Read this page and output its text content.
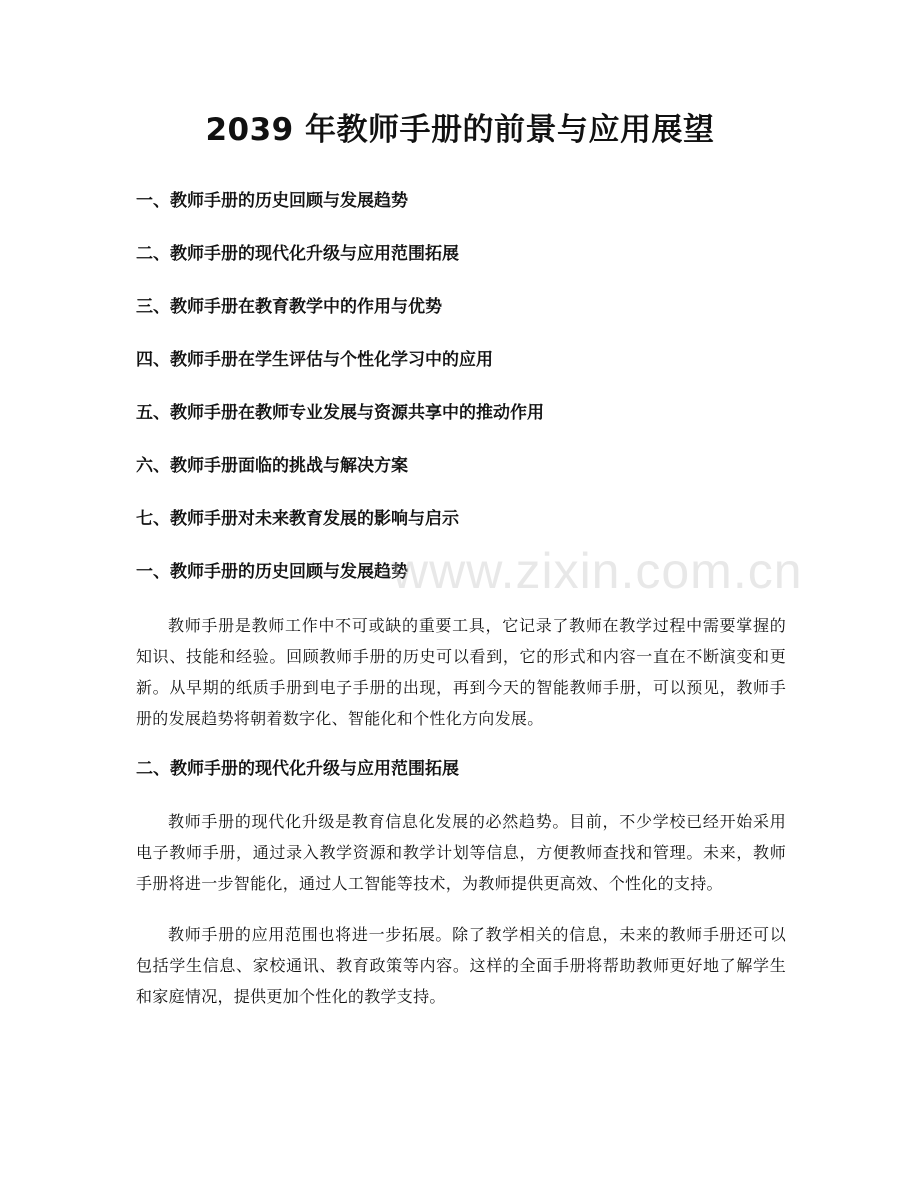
2039 年教师手册的前景与应用展望
一、教师手册的历史回顾与发展趋势
二、教师手册的现代化升级与应用范围拓展
三、教师手册在教育教学中的作用与优势
四、教师手册在学生评估与个性化学习中的应用
五、教师手册在教师专业发展与资源共享中的推动作用
六、教师手册面临的挑战与解决方案
七、教师手册对未来教育发展的影响与启示
一、教师手册的历史回顾与发展趋势
教师手册是教师工作中不可或缺的重要工具，它记录了教师在教学过程中需要掌握的知识、技能和经验。回顾教师手册的历史可以看到，它的形式和内容一直在不断演变和更新。从早期的纸质手册到电子手册的出现，再到今天的智能教师手册，可以预见，教师手册的发展趋势将朝着数字化、智能化和个性化方向发展。
二、教师手册的现代化升级与应用范围拓展
教师手册的现代化升级是教育信息化发展的必然趋势。目前，不少学校已经开始采用电子教师手册，通过录入教学资源和教学计划等信息，方便教师查找和管理。未来，教师手册将进一步智能化，通过人工智能等技术，为教师提供更高效、个性化的支持。
教师手册的应用范围也将进一步拓展。除了教学相关的信息，未来的教师手册还可以包括学生信息、家校通讯、教育政策等内容。这样的全面手册将帮助教师更好地了解学生和家庭情况，提供更加个性化的教学支持。
www.zixin.com.cn
